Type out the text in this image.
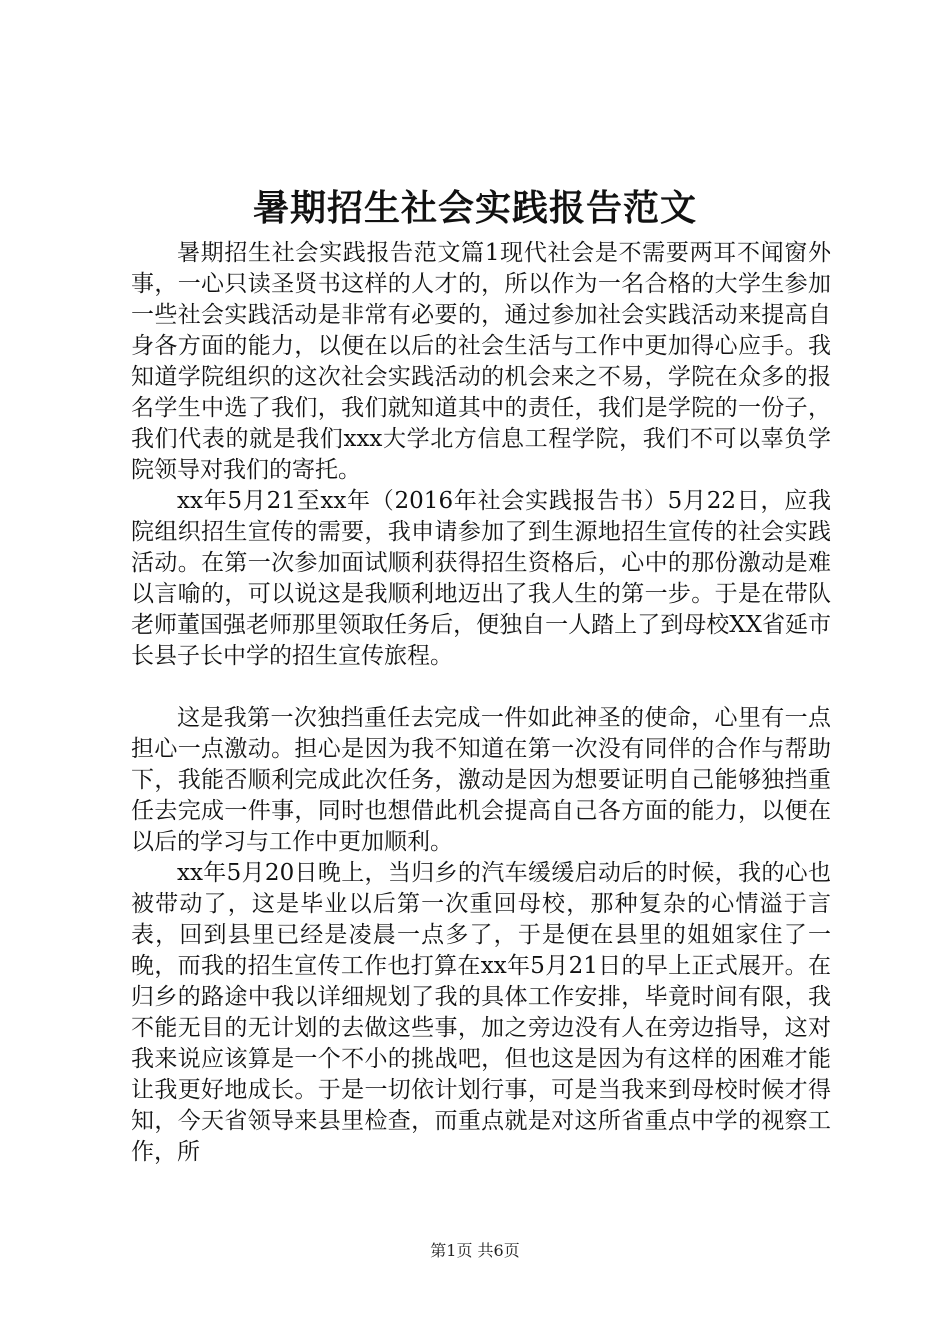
暑期招生社会实践报告范文

暑期招生社会实践报告范文篇1现代社会是不需要两耳不闻窗外事，一心只读圣贤书这样的人才的，所以作为一名合格的大学生参加一些社会实践活动是非常有必要的，通过参加社会实践活动来提高自身各方面的能力，以便在以后的社会生活与工作中更加得心应手。我知道学院组织的这次社会实践活动的机会来之不易，学院在众多的报名学生中选了我们，我们就知道其中的责任，我们是学院的一份子，我们代表的就是我们xxx大学北方信息工程学院，我们不可以辜负学院领导对我们的寄托。

xx年5月21至xx年（2016年社会实践报告书）5月22日，应我院组织招生宣传的需要，我申请参加了到生源地招生宣传的社会实践活动。在第一次参加面试顺利获得招生资格后，心中的那份激动是难以言喻的，可以说这是我顺利地迈出了我人生的第一步。于是在带队老师董国强老师那里领取任务后，便独自一人踏上了到母校XX省延市长县子长中学的招生宣传旅程。

这是我第一次独挡重任去完成一件如此神圣的使命，心里有一点担心一点激动。担心是因为我不知道在第一次没有同伴的合作与帮助下，我能否顺利完成此次任务，激动是因为想要证明自己能够独挡重任去完成一件事，同时也想借此机会提高自己各方面的能力，以便在以后的学习与工作中更加顺利。

xx年5月20日晚上，当归乡的汽车缓缓启动后的时候，我的心也被带动了，这是毕业以后第一次重回母校，那种复杂的心情溢于言表，回到县里已经是凌晨一点多了，于是便在县里的姐姐家住了一晚，而我的招生宣传工作也打算在xx年5月21日的早上正式展开。在归乡的路途中我以详细规划了我的具体工作安排，毕竟时间有限，我不能无目的无计划的去做这些事，加之旁边没有人在旁边指导，这对我来说应该算是一个不小的挑战吧，但也这是因为有这样的困难才能让我更好地成长。于是一切依计划行事，可是当我来到母校时候才得知，今天省领导来县里检查，而重点就是对这所省重点中学的视察工作，所

第1页 共6页
